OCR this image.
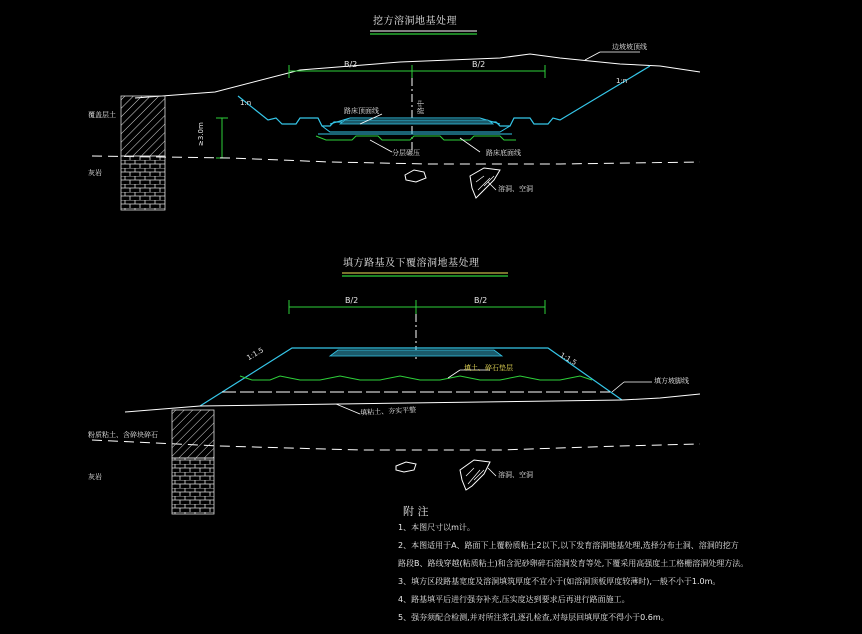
挖方溶洞地基处理
B/2	B/2
边坡坡顶线
覆盖层土
灰岩
路床顶面线
分层碾压	路床底面线
溶洞、空洞
1:n
1:n
≥3.0m
路中
填方路基及下覆溶洞地基处理
B/2	B/2
1:1.5	1:1.5
填土、碎石垫层
填方坡脚线
粉质粘土、含碎块碎石
灰岩
填粘土、夯实平整
溶洞、空洞
附 注
1、本图尺寸以m计。
2、本图适用于A、路面下上覆粉质粘土2以下,以下发育溶洞地基处理,选择分布土洞、溶洞的挖方
路段B、路线穿越(粘质粘土)和含泥砂卵碎石溶洞发育等处,下覆采用高强度土工格栅溶洞处理方法。
3、填方区段路基宽度及溶洞填筑厚度不宜小于(如溶洞顶板厚度较薄时),一般不小于1.0m。
4、路基填平后进行强夯补充,压实度达到要求后再进行路面施工。
5、强夯须配合检测,并对所注浆孔逐孔检查,对每层回填厚度不得小于0.6m。
